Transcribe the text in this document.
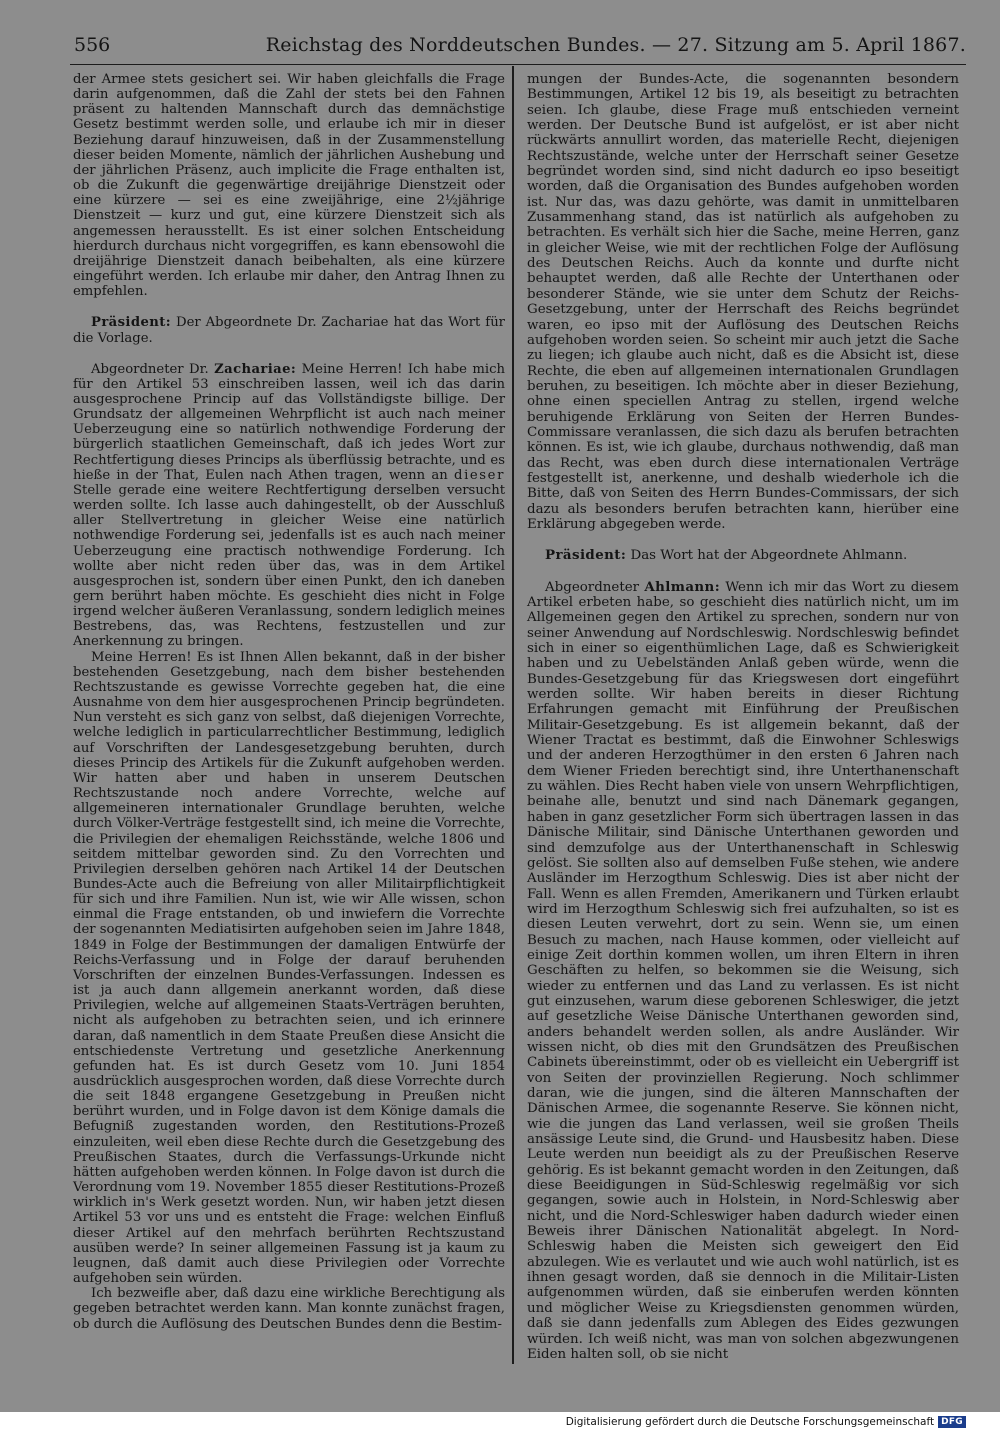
556	Reichstag des Norddeutschen Bundes. — 27. Sitzung am 5. April 1867.

der Armee stets gesichert sei. Wir haben gleichfalls die Frage darin aufgenommen, daß die Zahl der stets bei den Fahnen präsent zu haltenden Mannschaft durch das demnächstige Gesetz bestimmt werden solle, und erlaube ich mir in dieser Beziehung darauf hinzuweisen, daß in der Zusammenstellung dieser beiden Momente, nämlich der jährlichen Aushebung und der jährlichen Präsenz, auch implicite die Frage enthalten ist, ob die Zukunft die gegenwärtige dreijährige Dienstzeit oder eine kürzere — sei es eine zweijährige, eine 2½jährige Dienstzeit — kurz und gut, eine kürzere Dienstzeit sich als angemessen herausstellt. Es ist einer solchen Entscheidung hierdurch durchaus nicht vorgegriffen, es kann ebensowohl die dreijährige Dienstzeit danach beibehalten, als eine kürzere eingeführt werden. Ich erlaube mir daher, den Antrag Ihnen zu empfehlen.

Präsident: Der Abgeordnete Dr. Zachariae hat das Wort für die Vorlage.

Abgeordneter Dr. Zachariae: Meine Herren! Ich habe mich für den Artikel 53 einschreiben lassen, weil ich das darin ausgesprochene Princip auf das Vollständigste billige. Der Grundsatz der allgemeinen Wehrpflicht ist auch nach meiner Ueberzeugung eine so natürlich nothwendige Forderung der bürgerlich staatlichen Gemeinschaft, daß ich jedes Wort zur Rechtfertigung dieses Princips als überflüssig betrachte, und es hieße in der That, Eulen nach Athen tragen, wenn an dieser Stelle gerade eine weitere Rechtfertigung derselben versucht werden sollte. Ich lasse auch dahingestellt, ob der Ausschluß aller Stellvertretung in gleicher Weise eine natürlich nothwendige Forderung sei, jedenfalls ist es auch nach meiner Ueberzeugung eine practisch nothwendige Forderung. Ich wollte aber nicht reden über das, was in dem Artikel ausgesprochen ist, sondern über einen Punkt, den ich daneben gern berührt haben möchte. Es geschieht dies nicht in Folge irgend welcher äußeren Veranlassung, sondern lediglich meines Bestrebens, das, was Rechtens, festzustellen und zur Anerkennung zu bringen.

Meine Herren! Es ist Ihnen Allen bekannt, daß in der bisher bestehenden Gesetzgebung, nach dem bisher bestehenden Rechtszustande es gewisse Vorrechte gegeben hat, die eine Ausnahme von dem hier ausgesprochenen Princip begründeten. Nun versteht es sich ganz von selbst, daß diejenigen Vorrechte, welche lediglich in particularrechtlicher Bestimmung, lediglich auf Vorschriften der Landesgesetzgebung beruhten, durch dieses Princip des Artikels für die Zukunft aufgehoben werden. Wir hatten aber und haben in unserem Deutschen Rechtszustande noch andere Vorrechte, welche auf allgemeineren internationaler Grundlage beruhten, welche durch Völker-Verträge festgestellt sind, ich meine die Vorrechte, die Privilegien der ehemaligen Reichsstände, welche 1806 und seitdem mittelbar geworden sind. Zu den Vorrechten und Privilegien derselben gehören nach Artikel 14 der Deutschen Bundes-Acte auch die Befreiung von aller Militairpflichtigkeit für sich und ihre Familien. Nun ist, wie wir Alle wissen, schon einmal die Frage entstanden, ob und inwiefern die Vorrechte der sogenannten Mediatisirten aufgehoben seien im Jahre 1848, 1849 in Folge der Bestimmungen der damaligen Entwürfe der Reichs-Verfassung und in Folge der darauf beruhenden Vorschriften der einzelnen Bundes-Verfassungen. Indessen es ist ja auch dann allgemein anerkannt worden, daß diese Privilegien, welche auf allgemeinen Staats-Verträgen beruhten, nicht als aufgehoben zu betrachten seien, und ich erinnere daran, daß namentlich in dem Staate Preußen diese Ansicht die entschiedenste Vertretung und gesetzliche Anerkennung gefunden hat. Es ist durch Gesetz vom 10. Juni 1854 ausdrücklich ausgesprochen worden, daß diese Vorrechte durch die seit 1848 ergangene Gesetzgebung in Preußen nicht berührt wurden, und in Folge davon ist dem Könige damals die Befugniß zugestanden worden, den Restitutions-Prozeß einzuleiten, weil eben diese Rechte durch die Gesetzgebung des Preußischen Staates, durch die Verfassungs-Urkunde nicht hätten aufgehoben werden können. In Folge davon ist durch die Verordnung vom 19. November 1855 dieser Restitutions-Prozeß wirklich in's Werk gesetzt worden. Nun, wir haben jetzt diesen Artikel 53 vor uns und es entsteht die Frage: welchen Einfluß dieser Artikel auf den mehrfach berührten Rechtszustand ausüben werde? In seiner allgemeinen Fassung ist ja kaum zu leugnen, daß damit auch diese Privilegien oder Vorrechte aufgehoben sein würden.

Ich bezweifle aber, daß dazu eine wirkliche Berechtigung als gegeben betrachtet werden kann. Man konnte zunächst fragen, ob durch die Auflösung des Deutschen Bundes denn die Bestim-

mungen der Bundes-Acte, die sogenannten besondern Bestimmungen, Artikel 12 bis 19, als beseitigt zu betrachten seien. Ich glaube, diese Frage muß entschieden verneint werden. Der Deutsche Bund ist aufgelöst, er ist aber nicht rückwärts annullirt worden, das materielle Recht, diejenigen Rechtszustände, welche unter der Herrschaft seiner Gesetze begründet worden sind, sind nicht dadurch eo ipso beseitigt worden, daß die Organisation des Bundes aufgehoben worden ist. Nur das, was dazu gehörte, was damit in unmittelbaren Zusammenhang stand, das ist natürlich als aufgehoben zu betrachten. Es verhält sich hier die Sache, meine Herren, ganz in gleicher Weise, wie mit der rechtlichen Folge der Auflösung des Deutschen Reichs. Auch da konnte und durfte nicht behauptet werden, daß alle Rechte der Unterthanen oder besonderer Stände, wie sie unter dem Schutz der Reichs-Gesetzgebung, unter der Herrschaft des Reichs begründet waren, eo ipso mit der Auflösung des Deutschen Reichs aufgehoben worden seien. So scheint mir auch jetzt die Sache zu liegen; ich glaube auch nicht, daß es die Absicht ist, diese Rechte, die eben auf allgemeinen internationalen Grundlagen beruhen, zu beseitigen. Ich möchte aber in dieser Beziehung, ohne einen speciellen Antrag zu stellen, irgend welche beruhigende Erklärung von Seiten der Herren Bundes-Commissare veranlassen, die sich dazu als berufen betrachten können. Es ist, wie ich glaube, durchaus nothwendig, daß man das Recht, was eben durch diese internationalen Verträge festgestellt ist, anerkenne, und deshalb wiederhole ich die Bitte, daß von Seiten des Herrn Bundes-Commissars, der sich dazu als besonders berufen betrachten kann, hierüber eine Erklärung abgegeben werde.

Präsident: Das Wort hat der Abgeordnete Ahlmann.

Abgeordneter Ahlmann: Wenn ich mir das Wort zu diesem Artikel erbeten habe, so geschieht dies natürlich nicht, um im Allgemeinen gegen den Artikel zu sprechen, sondern nur von seiner Anwendung auf Nordschleswig. Nordschleswig befindet sich in einer so eigenthümlichen Lage, daß es Schwierigkeit haben und zu Uebelständen Anlaß geben würde, wenn die Bundes-Gesetzgebung für das Kriegswesen dort eingeführt werden sollte. Wir haben bereits in dieser Richtung Erfahrungen gemacht mit Einführung der Preußischen Militair-Gesetzgebung. Es ist allgemein bekannt, daß der Wiener Tractat es bestimmt, daß die Einwohner Schleswigs und der anderen Herzogthümer in den ersten 6 Jahren nach dem Wiener Frieden berechtigt sind, ihre Unterthanenschaft zu wählen. Dies Recht haben viele von unsern Wehrpflichtigen, beinahe alle, benutzt und sind nach Dänemark gegangen, haben in ganz gesetzlicher Form sich übertragen lassen in das Dänische Militair, sind Dänische Unterthanen geworden und sind demzufolge aus der Unterthanenschaft in Schleswig gelöst. Sie sollten also auf demselben Fuße stehen, wie andere Ausländer im Herzogthum Schleswig. Dies ist aber nicht der Fall. Wenn es allen Fremden, Amerikanern und Türken erlaubt wird im Herzogthum Schleswig sich frei aufzuhalten, so ist es diesen Leuten verwehrt, dort zu sein. Wenn sie, um einen Besuch zu machen, nach Hause kommen, oder vielleicht auf einige Zeit dorthin kommen wollen, um ihren Eltern in ihren Geschäften zu helfen, so bekommen sie die Weisung, sich wieder zu entfernen und das Land zu verlassen. Es ist nicht gut einzusehen, warum diese geborenen Schleswiger, die jetzt auf gesetzliche Weise Dänische Unterthanen geworden sind, anders behandelt werden sollen, als andre Ausländer. Wir wissen nicht, ob dies mit den Grundsätzen des Preußischen Cabinets übereinstimmt, oder ob es vielleicht ein Uebergriff ist von Seiten der provinziellen Regierung. Noch schlimmer daran, wie die jungen, sind die älteren Mannschaften der Dänischen Armee, die sogenannte Reserve. Sie können nicht, wie die jungen das Land verlassen, weil sie großen Theils ansässige Leute sind, die Grund- und Hausbesitz haben. Diese Leute werden nun beeidigt als zu der Preußischen Reserve gehörig. Es ist bekannt gemacht worden in den Zeitungen, daß diese Beeidigungen in Süd-Schleswig regelmäßig vor sich gegangen, sowie auch in Holstein, in Nord-Schleswig aber nicht, und die Nord-Schleswiger haben dadurch wieder einen Beweis ihrer Dänischen Nationalität abgelegt. In Nord-Schleswig haben die Meisten sich geweigert den Eid abzulegen. Wie es verlautet und wie auch wohl natürlich, ist es ihnen gesagt worden, daß sie dennoch in die Militair-Listen aufgenommen würden, daß sie einberufen werden könnten und möglicher Weise zu Kriegsdiensten genommen würden, daß sie dann jedenfalls zum Ablegen des Eides gezwungen würden. Ich weiß nicht, was man von solchen abgezwungenen Eiden halten soll, ob sie nicht

Digitalisierung gefördert durch die Deutsche Forschungsgemeinschaft DFG
